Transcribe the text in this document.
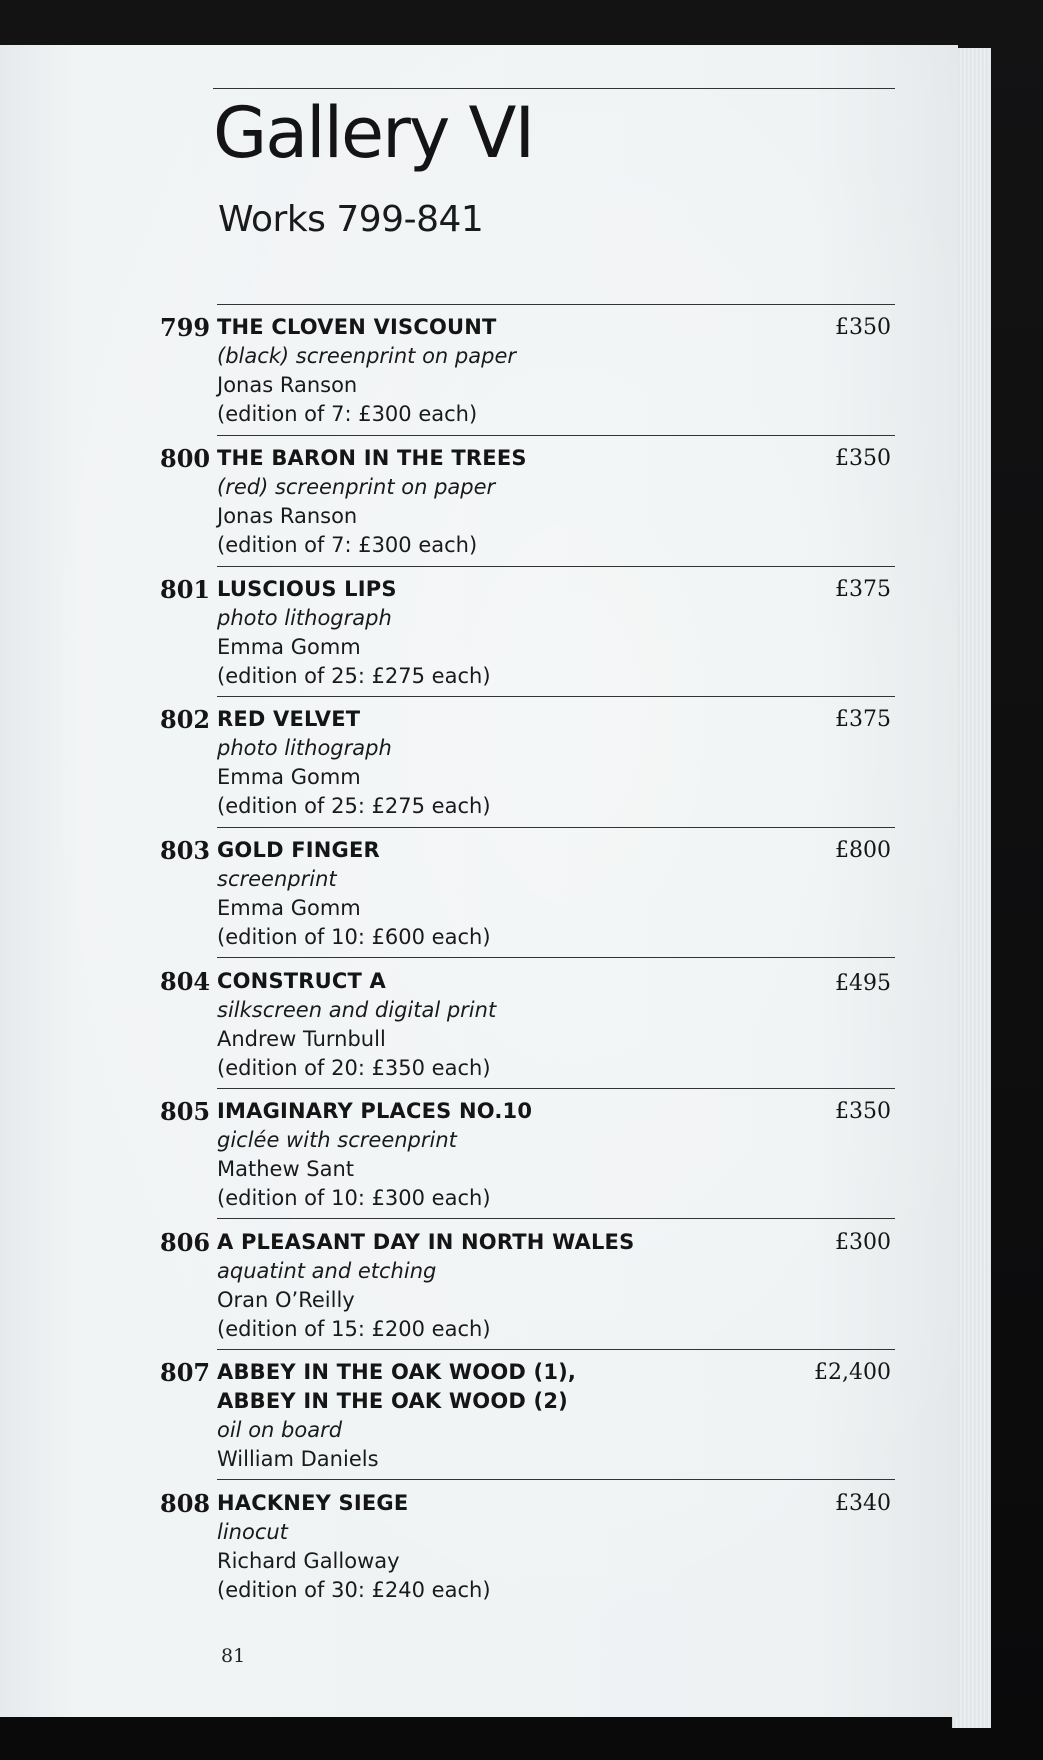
Gallery VI
Works 799-841
799 THE CLOVEN VISCOUNT
(black) screenprint on paper
Jonas Ranson
(edition of 7: £300 each)
£350
800 THE BARON IN THE TREES
(red) screenprint on paper
Jonas Ranson
(edition of 7: £300 each)
£350
801 LUSCIOUS LIPS
photo lithograph
Emma Gomm
(edition of 25: £275 each)
£375
802 RED VELVET
photo lithograph
Emma Gomm
(edition of 25: £275 each)
£375
803 GOLD FINGER
screenprint
Emma Gomm
(edition of 10: £600 each)
£800
804 CONSTRUCT A
silkscreen and digital print
Andrew Turnbull
(edition of 20: £350 each)
£495
805 IMAGINARY PLACES NO.10
giclée with screenprint
Mathew Sant
(edition of 10: £300 each)
£350
806 A PLEASANT DAY IN NORTH WALES
aquatint and etching
Oran O’Reilly
(edition of 15: £200 each)
£300
807 ABBEY IN THE OAK WOOD (1),
ABBEY IN THE OAK WOOD (2)
oil on board
William Daniels
£2,400
808 HACKNEY SIEGE
linocut
Richard Galloway
(edition of 30: £240 each)
£340
81
